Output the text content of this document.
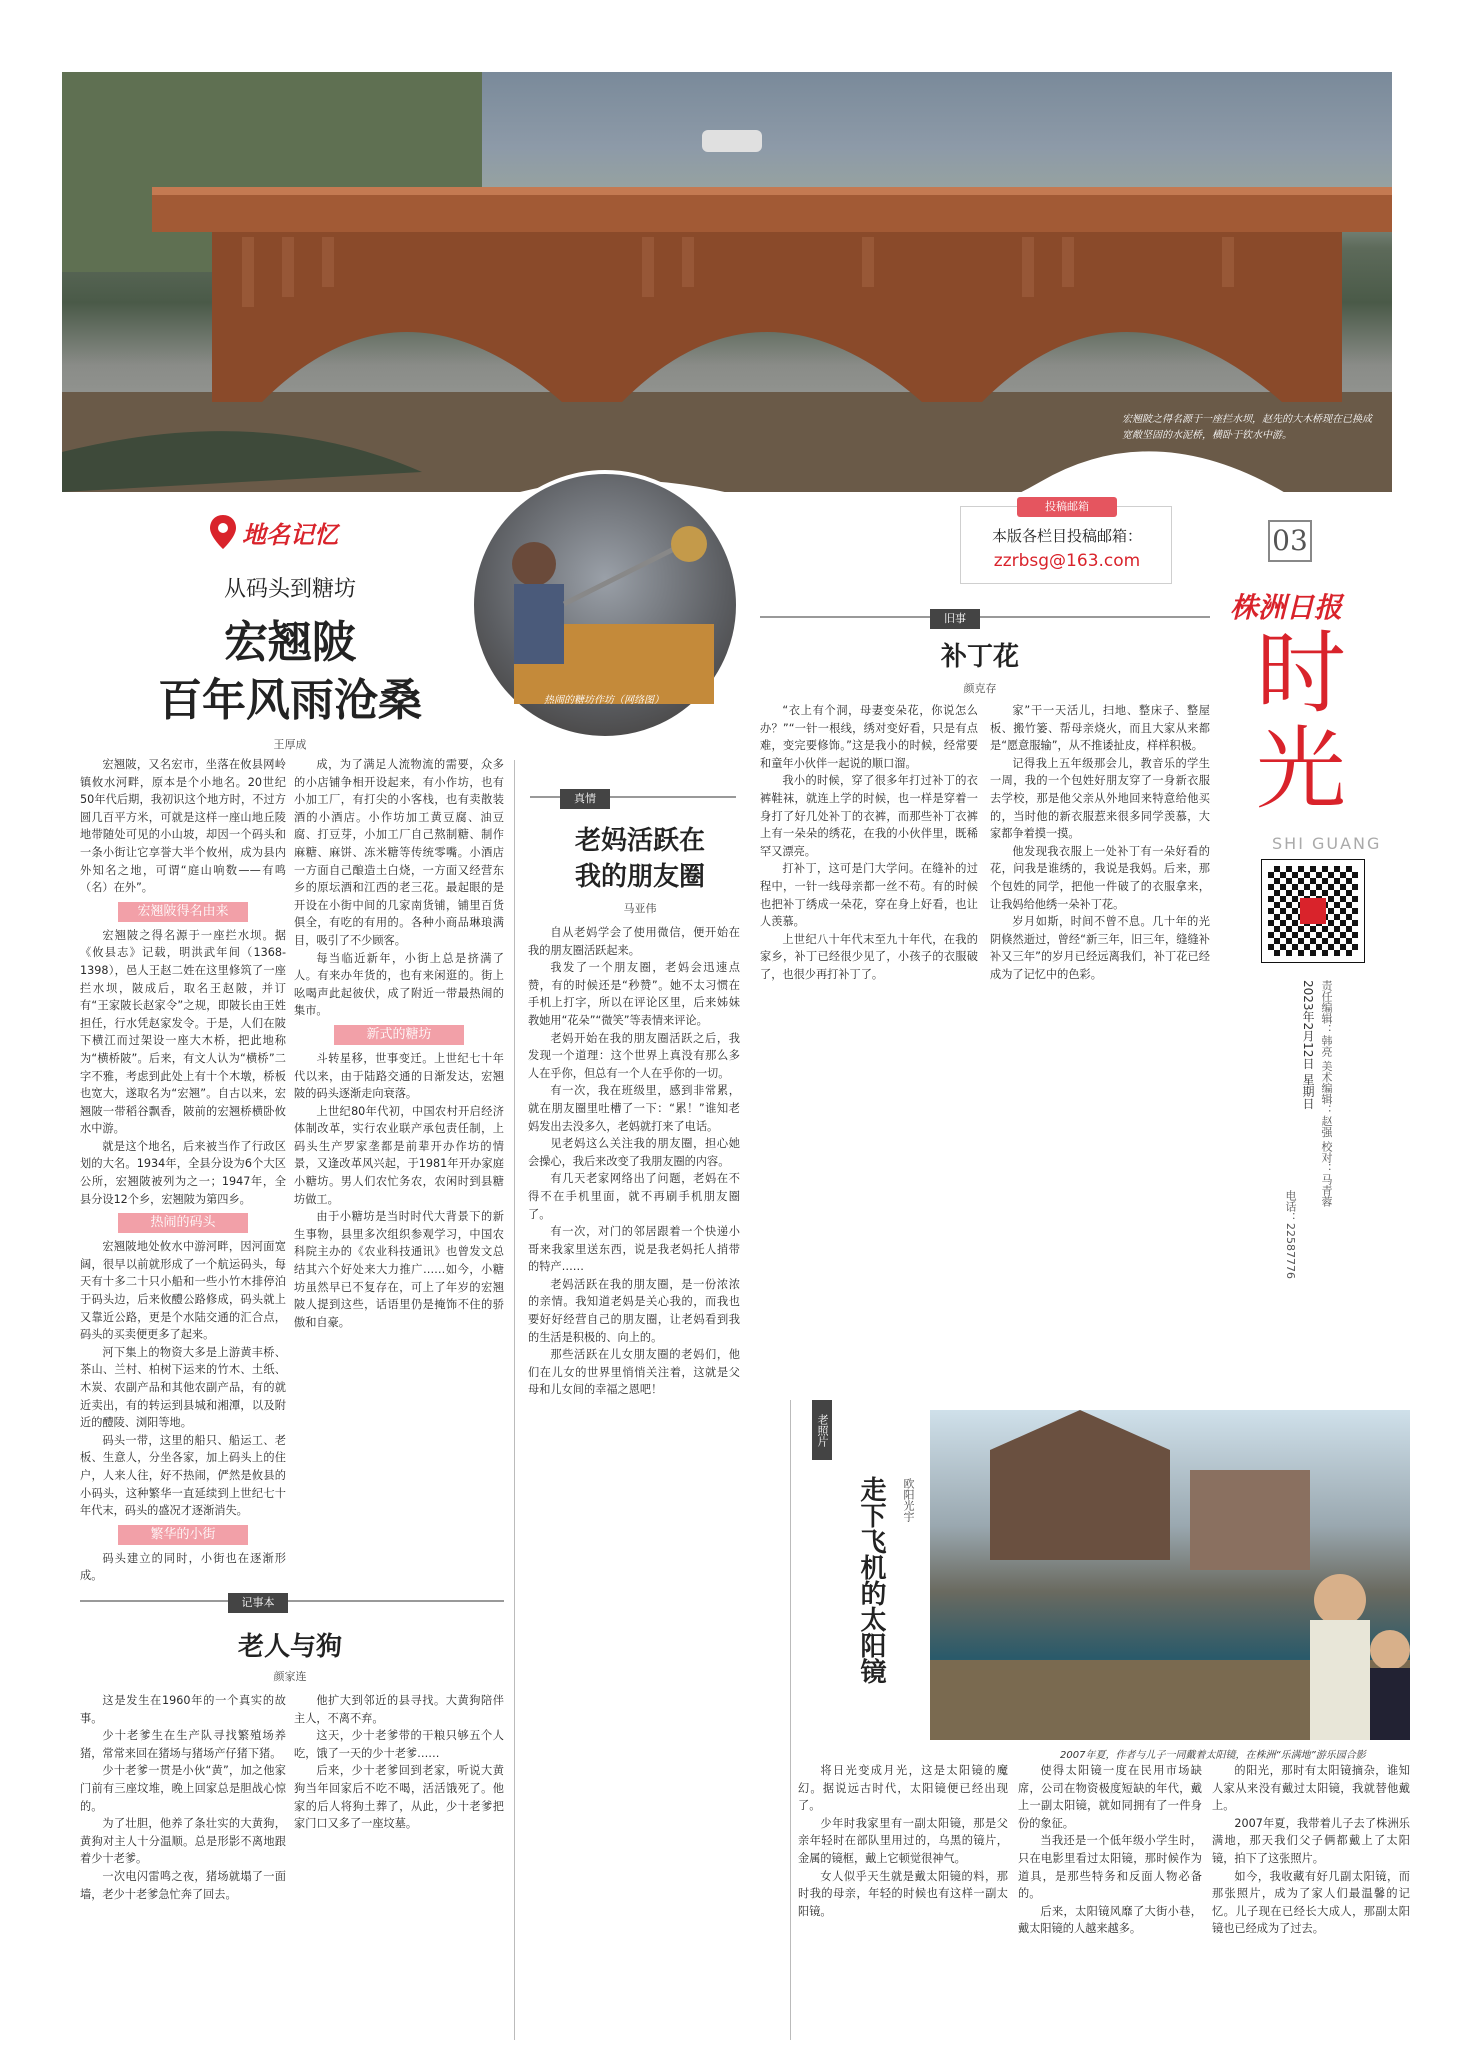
宏翘陂之得名源于一座拦水坝，赵先的大木桥现在已换成宽敞坚固的水泥桥，横卧于钦水中游。
热闹的糖坊作坊（网络图）
地名记忆
从码头到糖坊
宏翘陂
百年风雨沧桑
王厚成

宏翘陂，又名宏市，坐落在攸县网岭镇攸水河畔，原本是个小地名。20世纪50年代后期，我初识这个地方时，不过方圆几百平方米，可就是这样一座山地丘陵地带随处可见的小山坡，却因一个码头和一条小街让它享誉大半个攸州，成为县内外知名之地，可谓“庭山响数——有鸣（名）在外”。

宏翘陂得名由来

宏翘陂之得名源于一座拦水坝。据《攸县志》记载，明洪武年间（1368-1398），邑人王赵二姓在这里修筑了一座拦水坝，陂成后，取名王赵陂，并订有“王家陂长赵家令”之规，即陂长由王姓担任，行水凭赵家发令。于是，人们在陂下横江而过架设一座大木桥，把此地称为“横桥陂”。后来，有文人认为“横桥”二字不雅，考虑到此处上有十个木墩，桥板也宽大，遂取名为“宏翘”。自古以来，宏翘陂一带稻谷飘香，陂前的宏翘桥横卧攸水中游。

就是这个地名，后来被当作了行政区划的大名。1934年，全县分设为6个大区公所，宏翘陂被列为之一；1947年，全县分设12个乡，宏翘陂为第四乡。

热闹的码头

宏翘陂地处攸水中游河畔，因河面宽阔，很早以前就形成了一个航运码头，每天有十多二十只小船和一些小竹木排停泊于码头边，后来攸醴公路修成，码头就上又靠近公路，更是个水陆交通的汇合点，码头的买卖便更多了起来。

河下集上的物资大多是上游黄丰桥、茶山、兰村、柏树下运来的竹木、土纸、木炭、农副产品和其他农副产品，有的就近卖出，有的转运到县城和湘潭，以及附近的醴陵、浏阳等地。

码头一带，这里的船只、船运工、老板、生意人，分坐各家，加上码头上的住户，人来人往，好不热闹，俨然是攸县的小码头，这种繁华一直延续到上世纪七十年代末，码头的盛况才逐渐消失。

繁华的小街

码头建立的同时，小街也在逐渐形成。

成，为了满足人流物流的需要，众多的小店铺争相开设起来，有小作坊，也有小加工厂，有打尖的小客栈，也有卖散装酒的小酒店。小作坊加工黄豆腐、油豆腐、打豆芽，小加工厂自己熬制糖、制作麻糖、麻饼、冻米糖等传统零嘴。小酒店一方面自己酿造土白烧，一方面又经营东乡的原坛酒和江西的老三花。最起眼的是开设在小街中间的几家南货铺，铺里百货俱全，有吃的有用的。各种小商品琳琅满目，吸引了不少顾客。

每当临近新年，小街上总是挤满了人。有来办年货的，也有来闲逛的。街上吆喝声此起彼伏，成了附近一带最热闹的集市。

新式的糖坊

斗转星移，世事变迁。上世纪七十年代以来，由于陆路交通的日渐发达，宏翘陂的码头逐渐走向衰落。

上世纪80年代初，中国农村开启经济体制改革，实行农业联产承包责任制，上码头生产罗家垄都是前辈开办作坊的情景，又逢改革风兴起，于1981年开办家庭小糖坊。男人们农忙务农，农闲时到县糖坊做工。

由于小糖坊是当时时代大背景下的新生事物，县里多次组织参观学习，中国农科院主办的《农业科技通讯》也曾发文总结其六个好处来大力推广……如今，小糖坊虽然早已不复存在，可上了年岁的宏翘陂人提到这些，话语里仍是掩饰不住的骄傲和自豪。

记事本
老人与狗
颜家连

这是发生在1960年的一个真实的故事。

少十老爹生在生产队寻找繁殖场养猪，常常来回在猪场与猪场产仔猪下猪。

少十老爹一贯是小伙“黄”，加之他家门前有三座坟堆，晚上回家总是胆战心惊的。

为了壮胆，他养了条壮实的大黄狗，黄狗对主人十分温顺。总是形影不离地跟着少十老爹。

一次电闪雷鸣之夜，猪场就塌了一面墙，老少十老爹急忙奔了回去。

他扩大到邻近的县寻找。大黄狗陪伴主人，不离不弃。

这天，少十老爹带的干粮只够五个人吃，饿了一天的少十老爹……

后来，少十老爹回到老家，听说大黄狗当年回家后不吃不喝，活活饿死了。他家的后人将狗土葬了，从此，少十老爹把家门口又多了一座坟墓。

真情
老妈活跃在
我的朋友圈
马亚伟

自从老妈学会了使用微信，便开始在我的朋友圈活跃起来。

我发了一个朋友圈，老妈会迅速点赞，有的时候还是“秒赞”。她不太习惯在手机上打字，所以在评论区里，后来姊妹教她用“花朵”“微笑”等表情来评论。

老妈开始在我的朋友圈活跃之后，我发现一个道理：这个世界上真没有那么多人在乎你，但总有一个人在乎你的一切。

有一次，我在班级里，感到非常累，就在朋友圈里吐槽了一下：“累！”谁知老妈发出去没多久，老妈就打来了电话。

见老妈这么关注我的朋友圈，担心她会操心，我后来改变了我朋友圈的内容。

有几天老家网络出了问题，老妈在不得不在手机里面，就不再刷手机朋友圈了。

有一次，对门的邻居跟着一个快递小哥来我家里送东西，说是我老妈托人捎带的特产……

老妈活跃在我的朋友圈，是一份浓浓的亲情。我知道老妈是关心我的，而我也要好好经营自己的朋友圈，让老妈看到我的生活是积极的、向上的。

那些活跃在儿女朋友圈的老妈们，他们在儿女的世界里悄悄关注着，这就是父母和儿女间的幸福之恩吧！

旧事
补丁花
颜克存

“衣上有个洞，母妻变朵花，你说怎么办？”“一针一根线，绣对变好看，只是有点难，变完要修饰。”这是我小的时候，经常要和童年小伙伴一起说的顺口溜。

我小的时候，穿了很多年打过补丁的衣裤鞋袜，就连上学的时候，也一样是穿着一身打了好几处补丁的衣裤，而那些补丁衣裤上有一朵朵的绣花，在我的小伙伴里，既稀罕又漂亮。

打补丁，这可是门大学问。在缝补的过程中，一针一线母亲都一丝不苟。有的时候也把补丁绣成一朵花，穿在身上好看，也让人羡慕。

上世纪八十年代末至九十年代，在我的家乡，补丁已经很少见了，小孩子的衣服破了，也很少再打补丁了。

家”干一天活儿，扫地、整床子、整屋板、搬竹篓、帮母亲烧火，而且大家从来都是“愿意服输”，从不推诿扯皮，样样积极。

记得我上五年级那会儿，教音乐的学生一周，我的一个包姓好朋友穿了一身新衣服去学校，那是他父亲从外地回来特意给他买的，当时他的新衣服惹来很多同学羡慕，大家都争着摸一摸。

他发现我衣服上一处补丁有一朵好看的花，问我是谁绣的，我说是我妈。后来，那个包姓的同学，把他一件破了的衣服拿来，让我妈给他绣一朵补丁花。

岁月如斯，时间不曾不息。几十年的光阴倏然逝过，曾经“新三年，旧三年，缝缝补补又三年”的岁月已经远离我们，补丁花已经成为了记忆中的色彩。

投稿邮箱
本版各栏目投稿邮箱：
zzrbsg@163.com
03
株洲日报
时光
SHI GUANG
2023年2月12日 星期日 责任编辑：韩亮 美术编辑：赵强 校对：马青蓉
电话：22587776
2007年夏，作者与儿子一同戴着太阳镜，在株洲“乐满地”游乐园合影
老照片
走下飞机的太阳镜	欧阳光宇

将日光变成月光，这是太阳镜的魔幻。据说远古时代，太阳镜便已经出现了。

少年时我家里有一副太阳镜，那是父亲年轻时在部队里用过的，乌黑的镜片，金属的镜框，戴上它顿觉很神气。

女人似乎天生就是戴太阳镜的料，那时我的母亲，年轻的时候也有这样一副太阳镜。

使得太阳镜一度在民用市场缺席，公司在物资极度短缺的年代，戴上一副太阳镜，就如同拥有了一件身份的象征。

当我还是一个低年级小学生时，只在电影里看过太阳镜，那时候作为道具，是那些特务和反面人物必备的。

后来，太阳镜风靡了大街小巷，戴太阳镜的人越来越多。

的阳光，那时有太阳镜摘杂，谁知人家从来没有戴过太阳镜，我就替他戴上。

2007年夏，我带着儿子去了株洲乐满地，那天我们父子俩都戴上了太阳镜，拍下了这张照片。

如今，我收藏有好几副太阳镜，而那张照片，成为了家人们最温馨的记忆。儿子现在已经长大成人，那副太阳镜也已经成为了过去。
